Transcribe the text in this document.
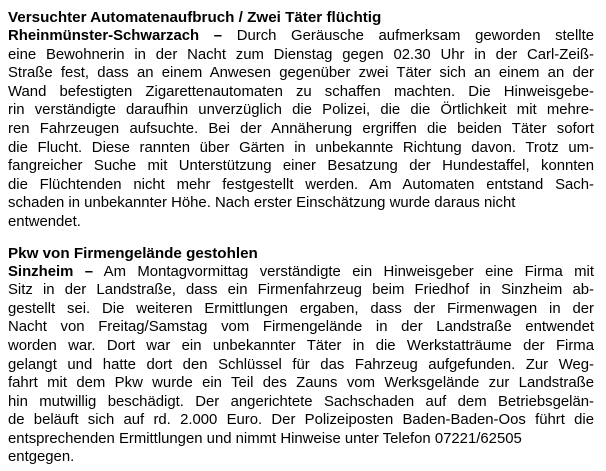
Versuchter Automatenaufbruch / Zwei Täter flüchtig
Rheinmünster-Schwarzach – Durch Geräusche aufmerksam geworden stellte
eine Bewohnerin in der Nacht zum Dienstag gegen 02.30 Uhr in der Carl-Zeiß-
Straße fest, dass an einem Anwesen gegenüber zwei Täter sich an einem an der
Wand befestigten Zigarettenautomaten zu schaffen machten. Die Hinweisgebe-
rin verständigte daraufhin unverzüglich die Polizei, die die Örtlichkeit mit mehre-
ren Fahrzeugen aufsuchte. Bei der Annäherung ergriffen die beiden Täter sofort
die Flucht. Diese rannten über Gärten in unbekannte Richtung davon. Trotz um-
fangreicher Suche mit Unterstützung einer Besatzung der Hundestaffel, konnten
die Flüchtenden nicht mehr festgestellt werden. Am Automaten entstand Sach-
schaden in unbekannter Höhe. Nach erster Einschätzung wurde daraus nicht
entwendet.
Pkw von Firmengelände gestohlen
Sinzheim – Am Montagvormittag verständigte ein Hinweisgeber eine Firma mit
Sitz in der Landstraße, dass ein Firmenfahrzeug beim Friedhof in Sinzheim ab-
gestellt sei. Die weiteren Ermittlungen ergaben, dass der Firmenwagen in der
Nacht von Freitag/Samstag vom Firmengelände in der Landstraße entwendet
worden war. Dort war ein unbekannter Täter in die Werkstatträume der Firma
gelangt und hatte dort den Schlüssel für das Fahrzeug aufgefunden. Zur Weg-
fahrt mit dem Pkw wurde ein Teil des Zauns vom Werksgelände zur Landstraße
hin mutwillig beschädigt. Der angerichtete Sachschaden auf dem Betriebsgelän-
de beläuft sich auf rd. 2.000 Euro. Der Polizeiposten Baden-Baden-Oos führt die
entsprechenden Ermittlungen und nimmt Hinweise unter Telefon 07221/62505
entgegen.
